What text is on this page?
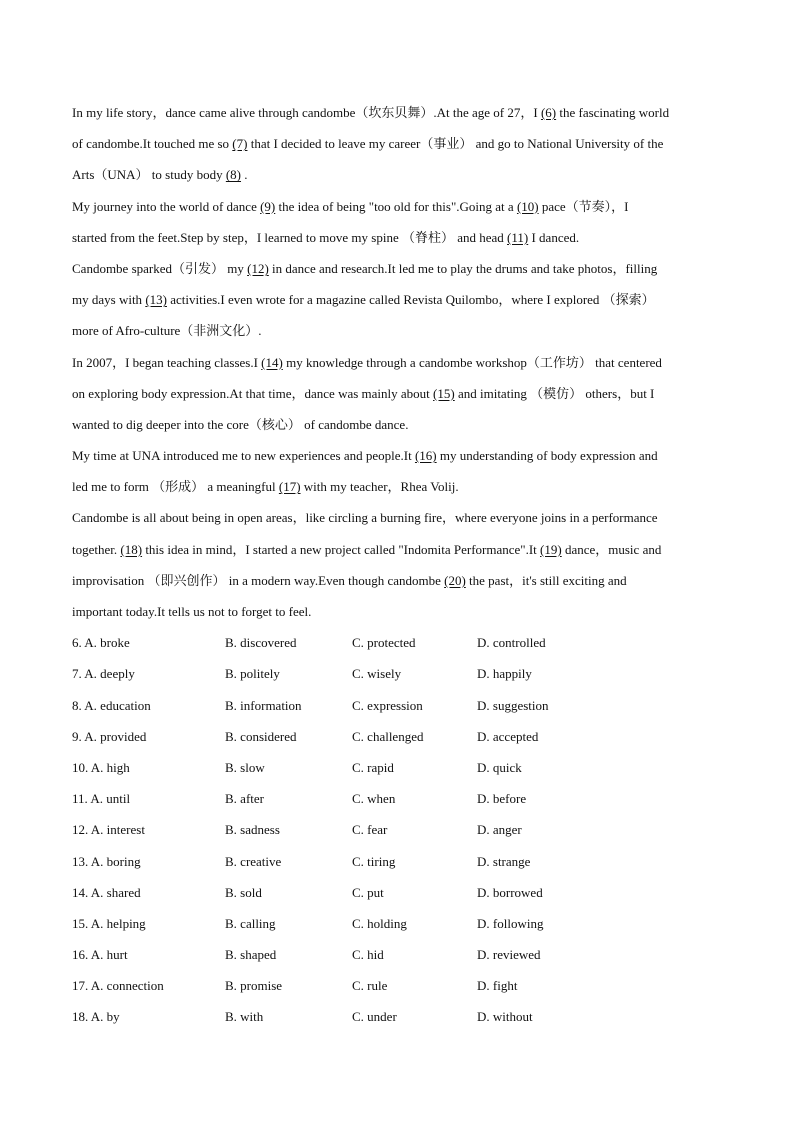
In my life story，dance came alive through candombe（坎东贝舞）.At the age of 27，I (6) the fascinating world
of candombe.It touched me so (7) that I decided to leave my career（事业） and go to National University of the
Arts（UNA） to study body (8) .
My journey into the world of dance (9) the idea of being "too old for this".Going at a (10) pace（节奏），I
started from the feet.Step by step，I learned to move my spine （脊柱） and head (11) I danced.
Candombe sparked（引发） my (12) in dance and research.It led me to play the drums and take photos，filling
my days with (13) activities.I even wrote for a magazine called Revista Quilombo，where I explored （探索）
more of Afro-culture（非洲文化）.
In 2007，I began teaching classes.I (14) my knowledge through a candombe workshop（工作坊） that centered
on exploring body expression.At that time，dance was mainly about (15) and imitating （模仿） others，but I
wanted to dig deeper into the core（核心） of candombe dance.
My time at UNA introduced me to new experiences and people.It (16) my understanding of body expression and
led me to form （形成） a meaningful (17) with my teacher，Rhea Volij.
Candombe is all about being in open areas，like circling a burning fire，where everyone joins in a performance
together. (18) this idea in mind，I started a new project called "Indomita Performance".It (19) dance，music and
improvisation （即兴创作） in a modern way.Even though candombe (20) the past，it's still exciting and
important today.It tells us not to forget to feel.
6. A. broke	B. discovered	C. protected	D. controlled
7. A. deeply	B. politely	C. wisely	D. happily
8. A. education	B. information	C. expression	D. suggestion
9. A. provided	B. considered	C. challenged	D. accepted
10. A. high	B. slow	C. rapid	D. quick
11. A. until	B. after	C. when	D. before
12. A. interest	B. sadness	C. fear	D. anger
13. A. boring	B. creative	C. tiring	D. strange
14. A. shared	B. sold	C. put	D. borrowed
15. A. helping	B. calling	C. holding	D. following
16. A. hurt	B. shaped	C. hid	D. reviewed
17. A. connection	B. promise	C. rule	D. fight
18. A. by	B. with	C. under	D. without
